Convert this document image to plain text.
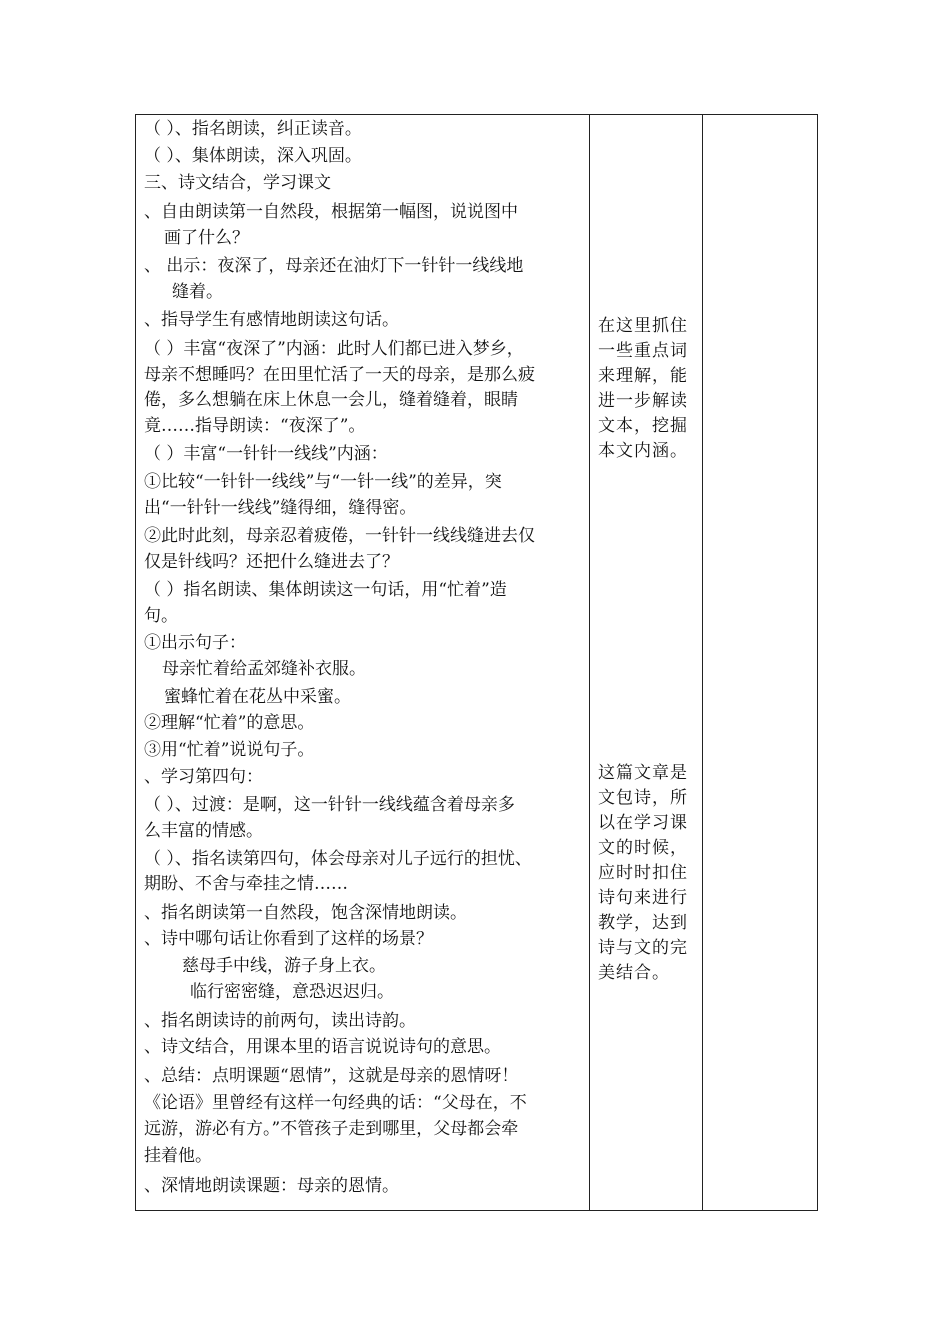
（ ）、指名朗读，纠正读音。
（ ）、集体朗读，深入巩固。
三、诗文结合，学习课文
、自由朗读第一自然段，根据第一幅图，说说图中
画了什么？
、 出示：夜深了，母亲还在油灯下一针针一线线地
缝着。
、指导学生有感情地朗读这句话。
（ ）丰富“夜深了”内涵：此时人们都已进入梦乡，
母亲不想睡吗？在田里忙活了一天的母亲，是那么疲
倦，多么想躺在床上休息一会儿，缝着缝着，眼睛
竟……指导朗读：“夜深了”。
（ ）丰富“一针针一线线”内涵：
①比较“一针针一线线”与“一针一线”的差异，突
出“一针针一线线”缝得细，缝得密。
②此时此刻，母亲忍着疲倦，一针针一线线缝进去仅
仅是针线吗？还把什么缝进去了？
（ ）指名朗读、集体朗读这一句话，用“忙着”造
句。
①出示句子：
母亲忙着给孟郊缝补衣服。
蜜蜂忙着在花丛中采蜜。
②理解“忙着”的意思。
③用“忙着”说说句子。
、学习第四句：
（ ）、过渡：是啊，这一针针一线线蕴含着母亲多
么丰富的情感。
（ ）、指名读第四句，体会母亲对儿子远行的担忧、
期盼、不舍与牵挂之情……
、指名朗读第一自然段，饱含深情地朗读。
、诗中哪句话让你看到了这样的场景？
慈母手中线，游子身上衣。
临行密密缝，意恐迟迟归。
、指名朗读诗的前两句，读出诗韵。
、诗文结合，用课本里的语言说说诗句的意思。
、总结：点明课题“恩情”，这就是母亲的恩情呀！
《论语》里曾经有这样一句经典的话：“父母在，不
远游，游必有方。”不管孩子走到哪里，父母都会牵
挂着他。
、深情地朗读课题：母亲的恩情。
在这里抓住
一些重点词
来理解，能
进一步解读
文本，挖掘
本文内涵。
这篇文章是
文包诗，所
以在学习课
文的时候，
应时时扣住
诗句来进行
教学，达到
诗与文的完
美结合。
